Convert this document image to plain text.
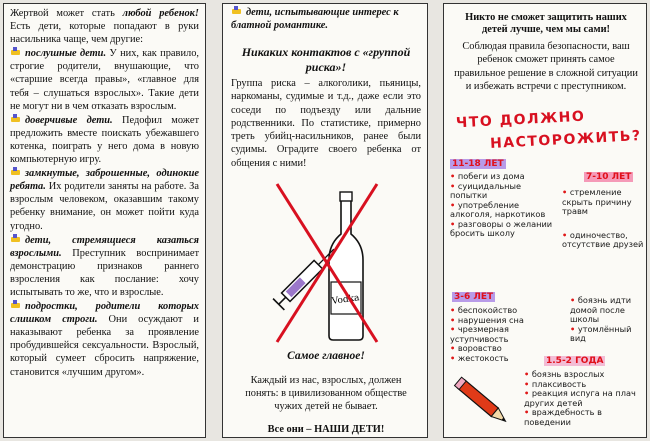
Жертвой может стать любой ребенок! Есть дети, которые попадают в руки насильника чаще, чем другие:
послушные дети. У них, как правило, строгие родители, внушающие, что «старшие всегда правы», «главное для тебя – слушаться взрослых». Такие дети не могут ни в чем отказать взрослым.
доверчивые дети. Педофил может предложить вместе поискать убежавшего котенка, поиграть у него дома в новую компьютерную игру.
замкнутые, заброшенные, одинокие ребята. Их родители заняты на работе. За взрослым человеком, оказавшим такому ребенку внимание, он может пойти куда угодно.
дети, стремящиеся казаться взрослыми. Преступник воспринимает демонстрацию признаков раннего взросления как послание: хочу испытывать то же, что и взрослые.
подростки, родители которых слишком строги. Они осуждают и наказывают ребенка за проявление пробудившейся сексуальности. Взрослый, который сумеет сбросить напряжение, становится «лучшим другом».
дети, испытывающие интерес к блатной романтике.
Никаких контактов с «группой риска»!
Группа риска – алкоголики, пьяницы, наркоманы, судимые и т.д., даже если это соседи по подъезду или дальние родственники. По статистике, примерно треть убийц-насильников, ранее были судимы. Оградите своего ребенка от общения с ними!
Vodka
Самое главное!
Каждый из нас, взрослых, должен понять: в цивилизованном обществе чужих детей не бывает.
Все они – НАШИ ДЕТИ!
Никто не сможет защитить наших детей лучше, чем мы сами!
Соблюдая правила безопасности, ваш ребенок сможет принять самое правильное решение в сложной ситуации и избежать встречи с преступником.
ЧТО ДОЛЖНО
НАСТОРОЖИТЬ?
11-18 ЛЕТ
• побеги из дома
• суицидальные попытки
• употребление алкоголя, наркотиков
• разговоры о желании бросить школу
7-10 ЛЕТ
• стремление скрыть причину травм
• одиночество, отсутствие друзей
3-6 ЛЕТ
• беспокойство
• нарушения сна
• чрезмерная уступчивость
• воровство
• жестокость
• боязнь идти домой после школы
• утомлённый вид
1.5-2 ГОДА
• боязнь взрослых
• плаксивость
• реакция испуга на плач других детей
• враждебность в поведении
